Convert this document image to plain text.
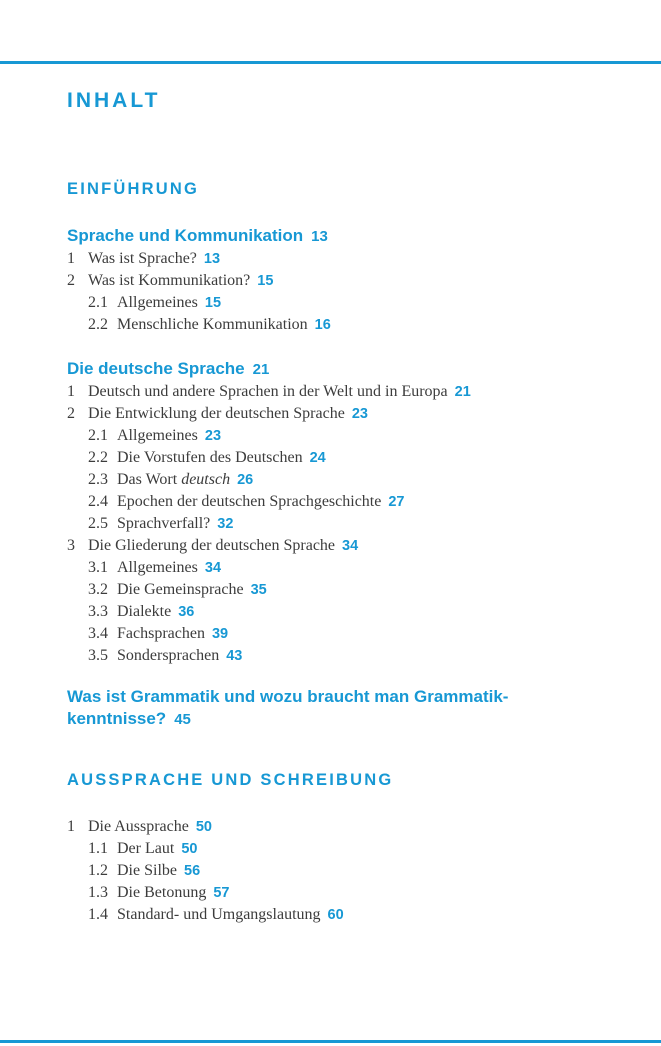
INHALT
EINFÜHRUNG
Sprache und Kommunikation 13
1 Was ist Sprache? 13
2 Was ist Kommunikation? 15
2.1 Allgemeines 15
2.2 Menschliche Kommunikation 16
Die deutsche Sprache 21
1 Deutsch und andere Sprachen in der Welt und in Europa 21
2 Die Entwicklung der deutschen Sprache 23
2.1 Allgemeines 23
2.2 Die Vorstufen des Deutschen 24
2.3 Das Wort deutsch 26
2.4 Epochen der deutschen Sprachgeschichte 27
2.5 Sprachverfall? 32
3 Die Gliederung der deutschen Sprache 34
3.1 Allgemeines 34
3.2 Die Gemeinsprache 35
3.3 Dialekte 36
3.4 Fachsprachen 39
3.5 Sondersprachen 43
Was ist Grammatik und wozu braucht man Grammatik-
kenntnisse? 45
AUSSPRACHE UND SCHREIBUNG
1 Die Aussprache 50
1.1 Der Laut 50
1.2 Die Silbe 56
1.3 Die Betonung 57
1.4 Standard- und Umgangslautung 60
